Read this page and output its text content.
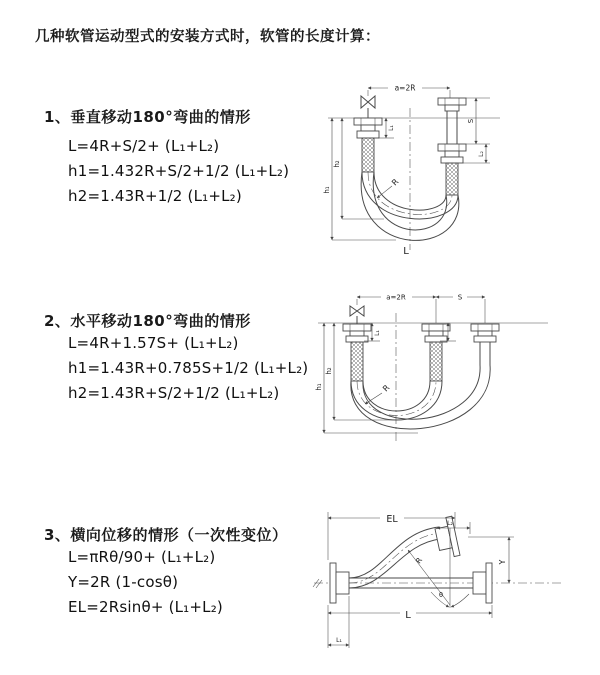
几种软管运动型式的安装方式时，软管的长度计算：
1、垂直移动180°弯曲的情形
L=4R+S/2+ (L₁+L₂)
h1=1.432R+S/2+1/2 (L₁+L₂)
h2=1.43R+1/2 (L₁+L₂)
2、水平移动180°弯曲的情形
L=4R+1.57S+ (L₁+L₂)
h1=1.43R+0.785S+1/2 (L₁+L₂)
h2=1.43R+S/2+1/2 (L₁+L₂)
3、横向位移的情形（一次性变位）
L=πRθ/90+ (L₁+L₂)
Y=2R (1-cosθ)
EL=2Rsinθ+ (L₁+L₂)
a=2R
h₁
h₂
L₁
S
L₂
R
L
a=2R	S
h₁
h₂
L₁
R
EL	L₂
Y
R
θ
L
L₁
